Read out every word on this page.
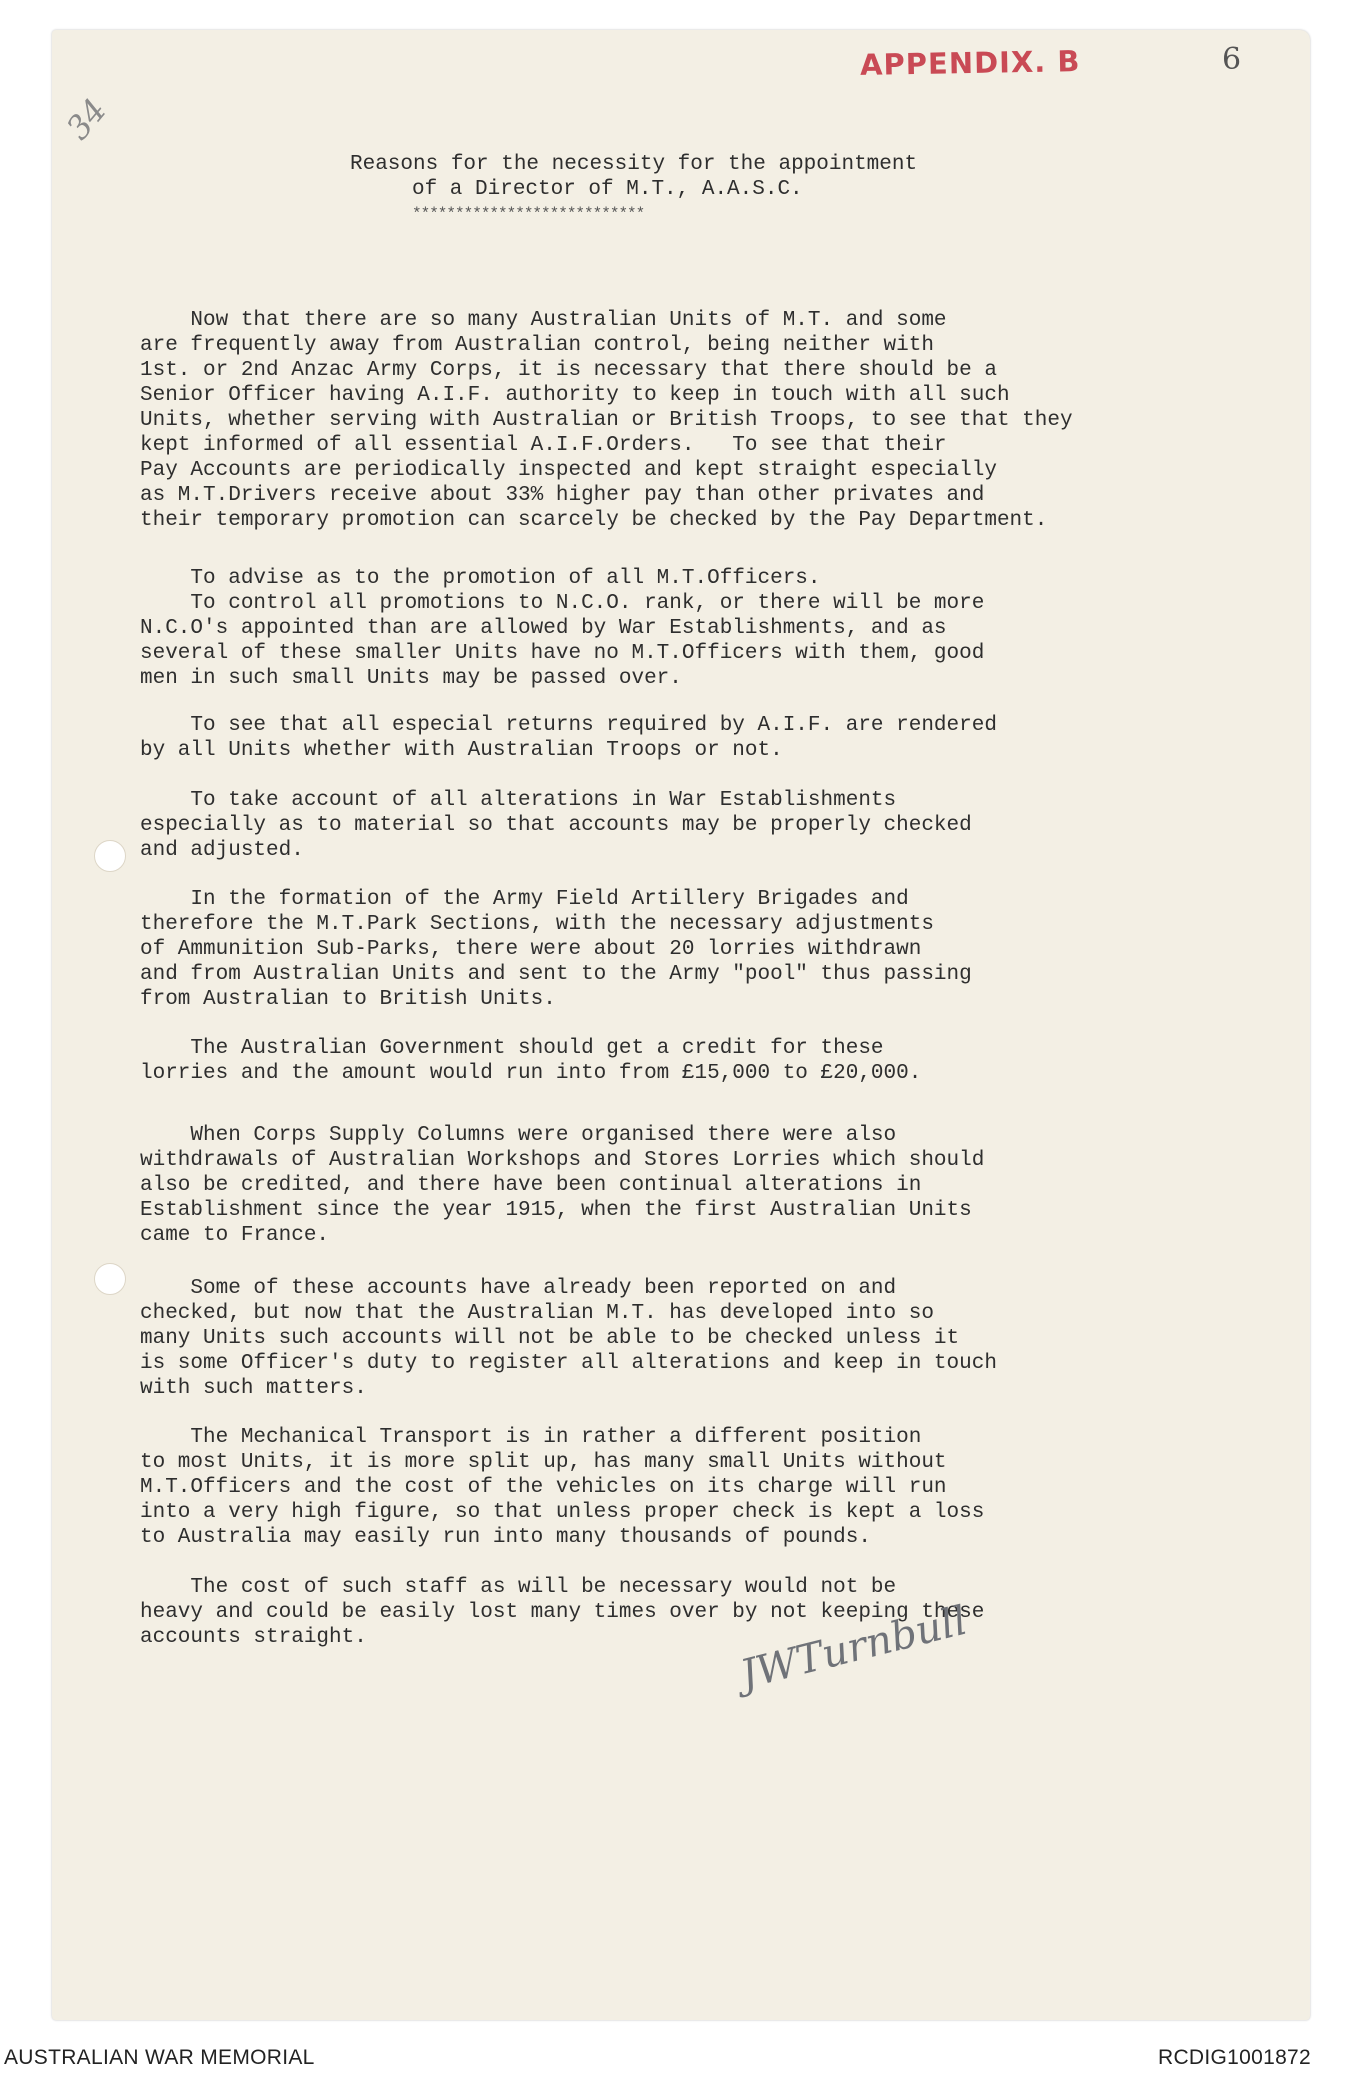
34
APPENDIX. B	6
Reasons for the necessity for the appointment
of a Director of M.T., A.A.S.C.
***************************
Now that there are so many Australian Units of M.T. and some
are frequently away from Australian control, being neither with
1st. or 2nd Anzac Army Corps, it is necessary that there should be a
Senior Officer having A.I.F. authority to keep in touch with all such
Units, whether serving with Australian or British Troops, to see that they
kept informed of all essential A.I.F.Orders.   To see that their
Pay Accounts are periodically inspected and kept straight especially
as M.T.Drivers receive about 33% higher pay than other privates and
their temporary promotion can scarcely be checked by the Pay Department.
To advise as to the promotion of all M.T.Officers.
To control all promotions to N.C.O. rank, or there will be more
N.C.O's appointed than are allowed by War Establishments, and as
several of these smaller Units have no M.T.Officers with them, good
men in such small Units may be passed over.
To see that all especial returns required by A.I.F. are rendered
by all Units whether with Australian Troops or not.
To take account of all alterations in War Establishments
especially as to material so that accounts may be properly checked
and adjusted.
In the formation of the Army Field Artillery Brigades and
therefore the M.T.Park Sections, with the necessary adjustments
of Ammunition Sub-Parks, there were about 20 lorries withdrawn
and from Australian Units and sent to the Army "pool" thus passing
from Australian to British Units.
The Australian Government should get a credit for these
lorries and the amount would run into from £15,000 to £20,000.
When Corps Supply Columns were organised there were also
withdrawals of Australian Workshops and Stores Lorries which should
also be credited, and there have been continual alterations in
Establishment since the year 1915, when the first Australian Units
came to France.
Some of these accounts have already been reported on and
checked, but now that the Australian M.T. has developed into so
many Units such accounts will not be able to be checked unless it
is some Officer's duty to register all alterations and keep in touch
with such matters.
The Mechanical Transport is in rather a different position
to most Units, it is more split up, has many small Units without
M.T.Officers and the cost of the vehicles on its charge will run
into a very high figure, so that unless proper check is kept a loss
to Australia may easily run into many thousands of pounds.
The cost of such staff as will be necessary would not be
heavy and could be easily lost many times over by not keeping these
accounts straight.	JWTurnbull
AUSTRALIAN WAR MEMORIAL	RCDIG1001872
